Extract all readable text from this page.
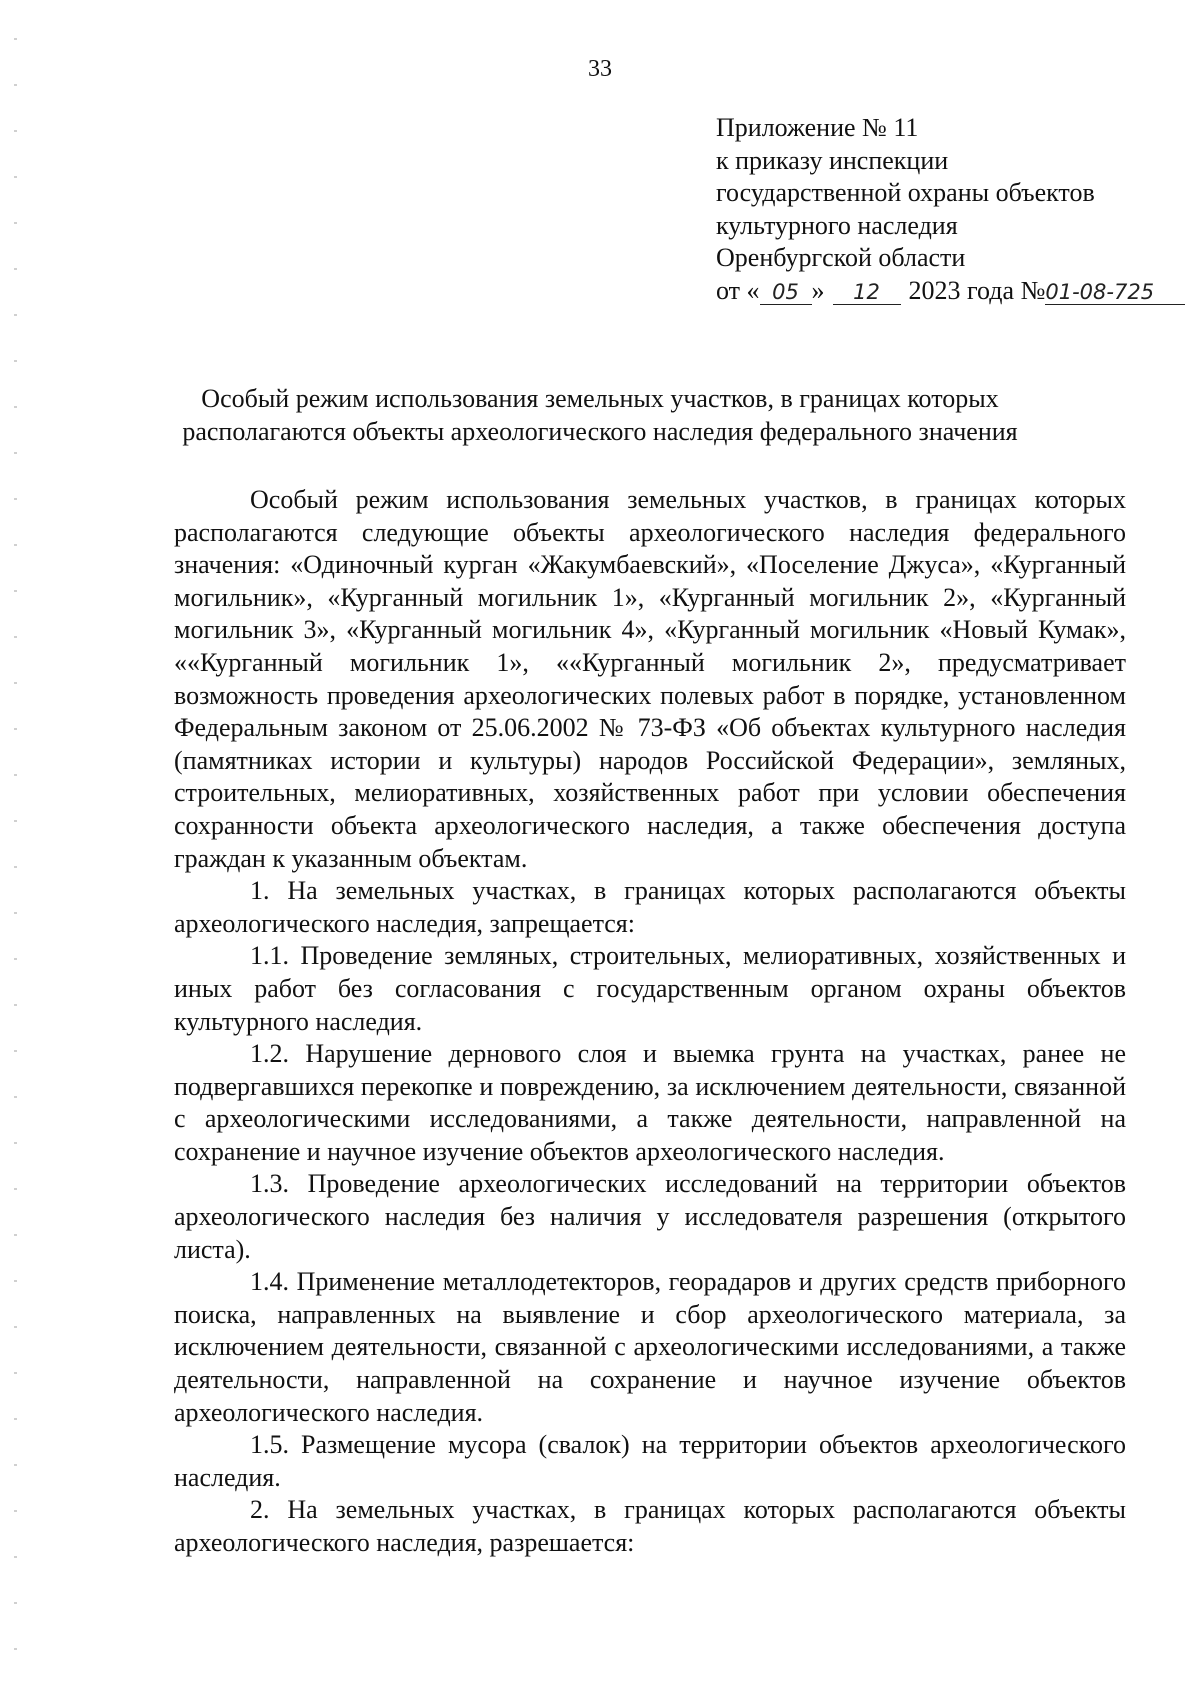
33
Приложение № 11
к приказу инспекции
государственной охраны объектов
культурного наследия
Оренбургской области
от « 05 » 12 2023 года №01-08-725
Особый режим использования земельных участков, в границах которых
располагаются объекты археологического наследия федерального значения

Особый режим использования земельных участков, в границах которых располагаются следующие объекты археологического наследия федерального значения: «Одиночный курган «Жакумбаевский», «Поселение Джуса», «Курганный могильник», «Курганный могильник 1», «Курганный могильник 2», «Курганный могильник 3», «Курганный могильник 4», «Курганный могильник «Новый Кумак», ««Курганный могильник 1», ««Курганный могильник 2», предусматривает возможность проведения археологических полевых работ в порядке, установленном Федеральным законом от 25.06.2002 № 73-ФЗ «Об объектах культурного наследия (памятниках истории и культуры) народов Российской Федерации», земляных, строительных, мелиоративных, хозяйственных работ при условии обеспечения сохранности объекта археологического наследия, а также обеспечения доступа граждан к указанным объектам.

1. На земельных участках, в границах которых располагаются объекты археологического наследия, запрещается:

1.1. Проведение земляных, строительных, мелиоративных, хозяйственных и иных работ без согласования с государственным органом охраны объектов культурного наследия.

1.2. Нарушение дернового слоя и выемка грунта на участках, ранее не подвергавшихся перекопке и повреждению, за исключением деятельности, связанной с археологическими исследованиями, а также деятельности, направленной на сохранение и научное изучение объектов археологического наследия.

1.3. Проведение археологических исследований на территории объектов археологического наследия без наличия у исследователя разрешения (открытого листа).

1.4. Применение металлодетекторов, георадаров и других средств приборного поиска, направленных на выявление и сбор археологического материала, за исключением деятельности, связанной с археологическими исследованиями, а также деятельности, направленной на сохранение и научное изучение объектов археологического наследия.

1.5. Размещение мусора (свалок) на территории объектов археологического наследия.

2. На земельных участках, в границах которых располагаются объекты археологического наследия, разрешается:
